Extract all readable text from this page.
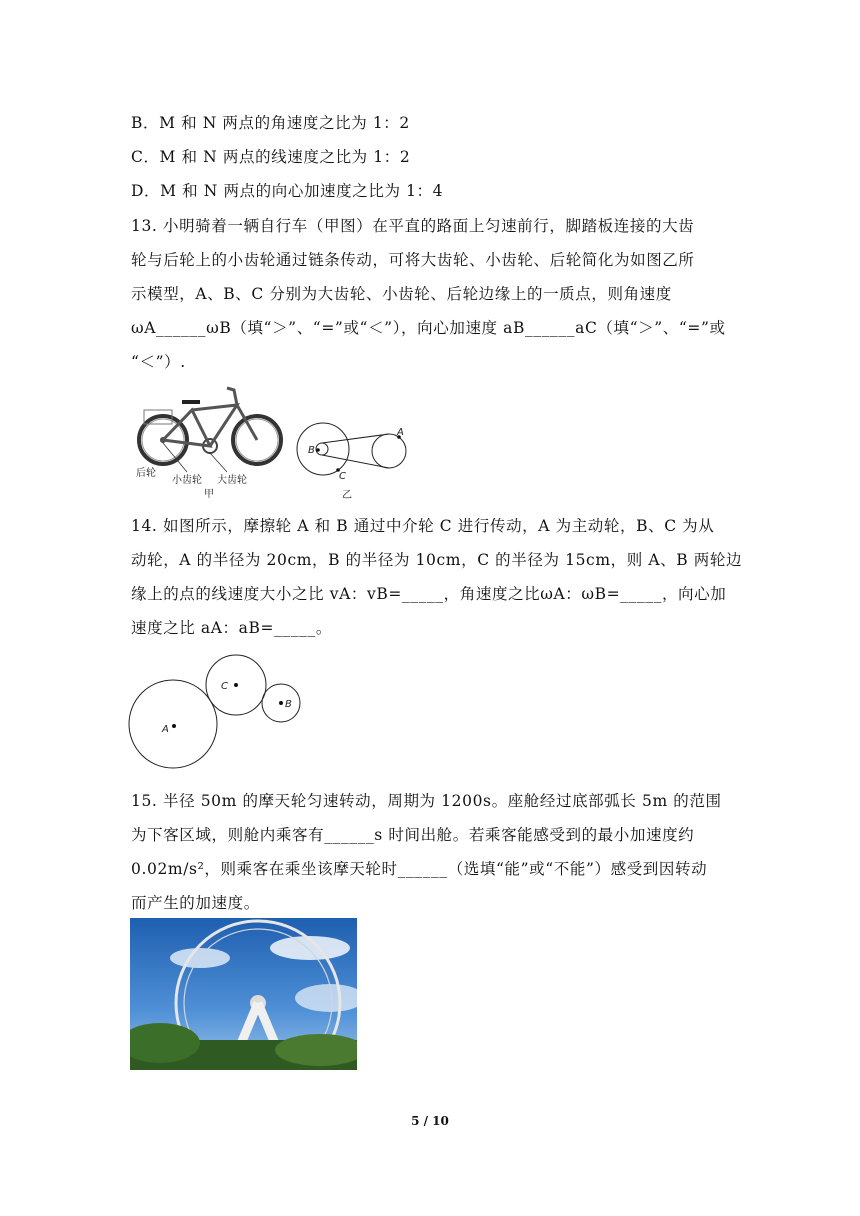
B．M 和 N 两点的角速度之比为 1：2
C．M 和 N 两点的线速度之比为 1：2
D．M 和 N 两点的向心加速度之比为 1：4
13. 小明骑着一辆自行车（甲图）在平直的路面上匀速前行，脚踏板连接的大齿
轮与后轮上的小齿轮通过链条传动，可将大齿轮、小齿轮、后轮简化为如图乙所
示模型，A、B、C 分别为大齿轮、小齿轮、后轮边缘上的一质点，则角速度
ωA______ωB（填“＞”、“=”或“＜”），向心加速度 aB______aC（填“＞”、“=”或
“＜”）.
后轮
小齿轮 大齿轮
甲
A
B
C
乙
14. 如图所示，摩擦轮 A 和 B 通过中介轮 C 进行传动，A 为主动轮，B、C 为从
动轮，A 的半径为 20cm，B 的半径为 10cm，C 的半径为 15cm，则 A、B 两轮边
缘上的点的线速度大小之比 vA：vB=_____，角速度之比ωA：ωB=_____，向心加
速度之比 aA：aB=_____。
A
C
B
15. 半径 50m 的摩天轮匀速转动，周期为 1200s。座舱经过底部弧长 5m 的范围
为下客区域，则舱内乘客有______s 时间出舱。若乘客能感受到的最小加速度约
0.02m/s²，则乘客在乘坐该摩天轮时______（选填“能”或“不能”）感受到因转动
而产生的加速度。
5 / 10
